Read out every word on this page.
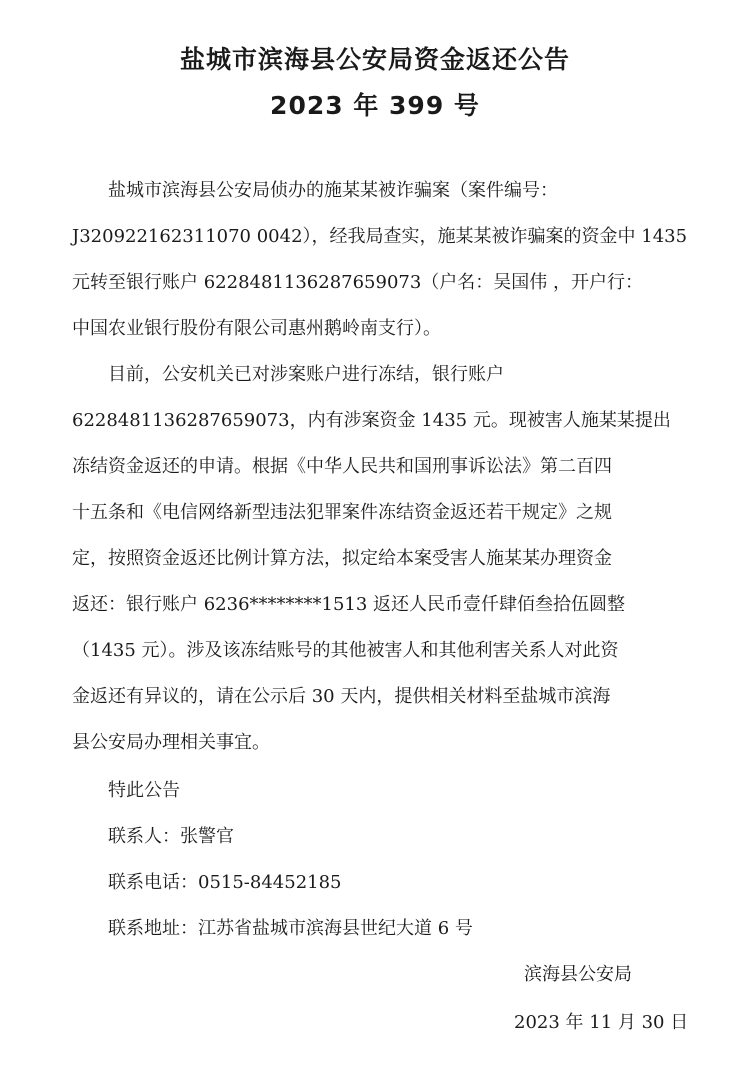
盐城市滨海县公安局资金返还公告
2023 年 399 号
盐城市滨海县公安局侦办的施某某被诈骗案（案件编号：
J320922162311070 0042），经我局查实，施某某被诈骗案的资金中 1435
元转至银行账户 6228481136287659073（户名：吴国伟 ，开户行：
中国农业银行股份有限公司惠州鹅岭南支行）。
目前，公安机关已对涉案账户进行冻结，银行账户
6228481136287659073，内有涉案资金 1435 元。现被害人施某某提出
冻结资金返还的申请。根据《中华人民共和国刑事诉讼法》第二百四
十五条和《电信网络新型违法犯罪案件冻结资金返还若干规定》之规
定，按照资金返还比例计算方法，拟定给本案受害人施某某办理资金
返还：银行账户 6236********1513 返还人民币壹仟肆佰叁拾伍圆整
（1435 元）。涉及该冻结账号的其他被害人和其他利害关系人对此资
金返还有异议的，请在公示后 30 天内，提供相关材料至盐城市滨海
县公安局办理相关事宜。
特此公告
联系人：张警官
联系电话：0515-84452185
联系地址：江苏省盐城市滨海县世纪大道 6 号
滨海县公安局
2023 年 11 月 30 日
